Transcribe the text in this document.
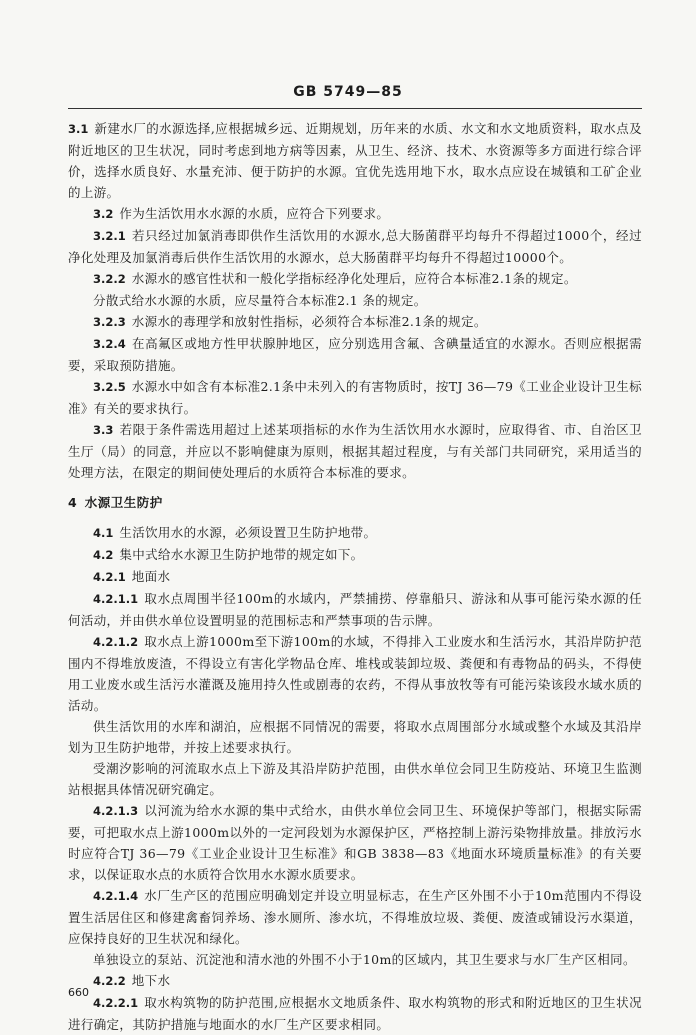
GB 5749—85

3.1 新建水厂的水源选择,应根据城乡远、近期规划，历年来的水质、水文和水文地质资料，取水点及附近地区的卫生状况，同时考虑到地方病等因素，从卫生、经济、技术、水资源等多方面进行综合评价，选择水质良好、水量充沛、便于防护的水源。宜优先选用地下水，取水点应设在城镇和工矿企业的上游。

3.2 作为生活饮用水水源的水质，应符合下列要求。

3.2.1 若只经过加氯消毒即供作生活饮用的水源水,总大肠菌群平均每升不得超过1000个，经过净化处理及加氯消毒后供作生活饮用的水源水，总大肠菌群平均每升不得超过10000个。

3.2.2 水源水的感官性状和一般化学指标经净化处理后，应符合本标准2.1条的规定。

分散式给水水源的水质，应尽量符合本标准2.1 条的规定。

3.2.3 水源水的毒理学和放射性指标，必须符合本标准2.1条的规定。

3.2.4 在高氟区或地方性甲状腺肿地区，应分别选用含氟、含碘量适宜的水源水。否则应根据需要，采取预防措施。

3.2.5 水源水中如含有本标准2.1条中未列入的有害物质时，按TJ 36—79《工业企业设计卫生标准》有关的要求执行。

3.3 若限于条件需选用超过上述某项指标的水作为生活饮用水水源时，应取得省、市、自治区卫生厅（局）的同意，并应以不影响健康为原则，根据其超过程度，与有关部门共同研究，采用适当的处理方法，在限定的期间使处理后的水质符合本标准的要求。

4 水源卫生防护

4.1 生活饮用水的水源，必须设置卫生防护地带。

4.2 集中式给水水源卫生防护地带的规定如下。

4.2.1 地面水

4.2.1.1 取水点周围半径100m的水域内，严禁捕捞、停靠船只、游泳和从事可能污染水源的任何活动，并由供水单位设置明显的范围标志和严禁事项的告示牌。

4.2.1.2 取水点上游1000m至下游100m的水域，不得排入工业废水和生活污水，其沿岸防护范围内不得堆放废渣，不得设立有害化学物品仓库、堆栈或装卸垃圾、粪便和有毒物品的码头，不得使用工业废水或生活污水灌溉及施用持久性或剧毒的农药，不得从事放牧等有可能污染该段水域水质的活动。

供生活饮用的水库和湖泊，应根据不同情况的需要，将取水点周围部分水域或整个水域及其沿岸划为卫生防护地带，并按上述要求执行。

受潮汐影响的河流取水点上下游及其沿岸防护范围，由供水单位会同卫生防疫站、环境卫生监测站根据具体情况研究确定。

4.2.1.3 以河流为给水水源的集中式给水，由供水单位会同卫生、环境保护等部门，根据实际需要，可把取水点上游1000m以外的一定河段划为水源保护区，严格控制上游污染物排放量。排放污水时应符合TJ 36—79《工业企业设计卫生标准》和GB 3838—83《地面水环境质量标准》的有关要求，以保证取水点的水质符合饮用水水源水质要求。

4.2.1.4 水厂生产区的范围应明确划定并设立明显标志，在生产区外围不小于10m范围内不得设置生活居住区和修建禽畜饲养场、渗水厕所、渗水坑，不得堆放垃圾、粪便、废渣或铺设污水渠道，应保持良好的卫生状况和绿化。

单独设立的泵站、沉淀池和清水池的外围不小于10m的区域内，其卫生要求与水厂生产区相同。

4.2.2 地下水

4.2.2.1 取水构筑物的防护范围,应根据水文地质条件、取水构筑物的形式和附近地区的卫生状况进行确定，其防护措施与地面水的水厂生产区要求相同。

660
